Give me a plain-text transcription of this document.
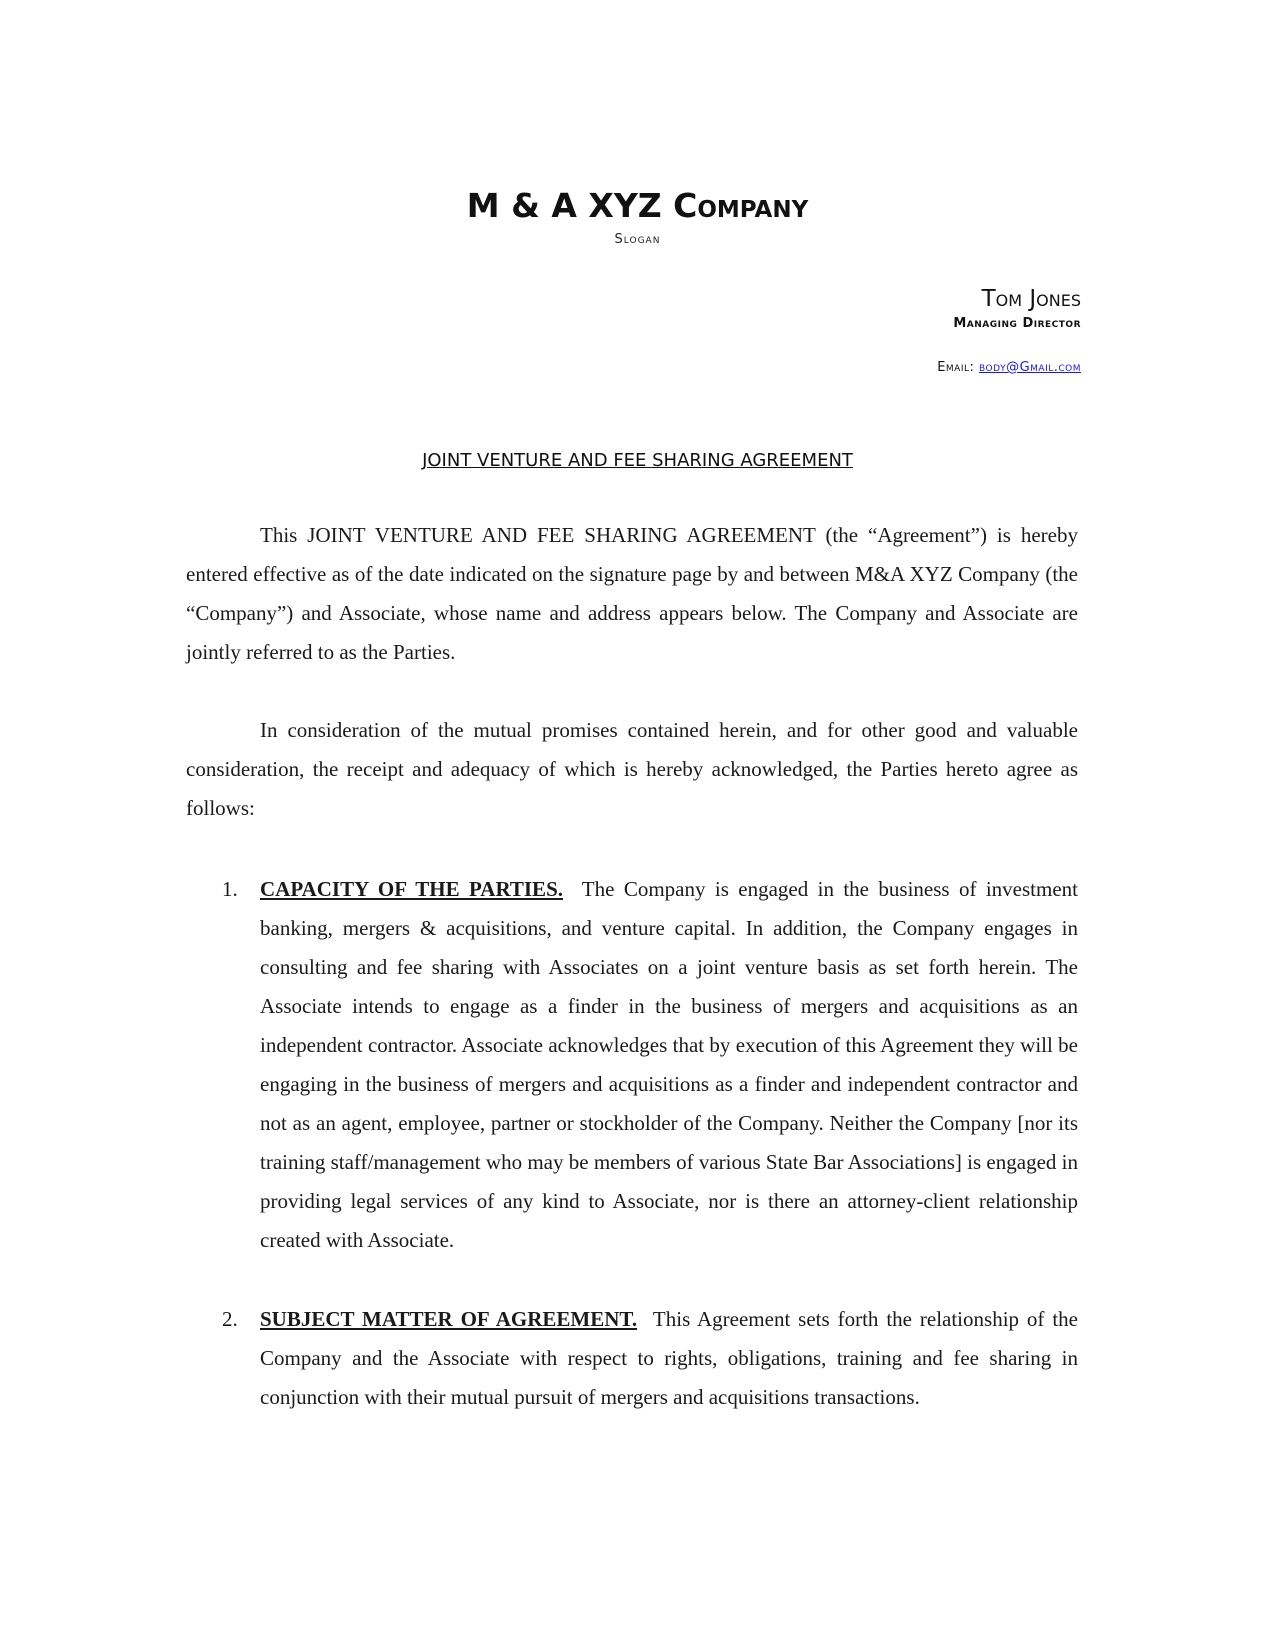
M & A XYZ Company
Slogan
Tom Jones
Managing Director
Email: body@Gmail.com
JOINT VENTURE AND FEE SHARING AGREEMENT
This JOINT VENTURE AND FEE SHARING AGREEMENT (the “Agreement”) is hereby entered effective as of the date indicated on the signature page by and between M&A XYZ Company (the “Company”) and Associate, whose name and address appears below. The Company and Associate are jointly referred to as the Parties.
In consideration of the mutual promises contained herein, and for other good and valuable consideration, the receipt and adequacy of which is hereby acknowledged, the Parties hereto agree as follows:
1.	CAPACITY OF THE PARTIES. The Company is engaged in the business of investment banking, mergers & acquisitions, and venture capital. In addition, the Company engages in consulting and fee sharing with Associates on a joint venture basis as set forth herein. The Associate intends to engage as a finder in the business of mergers and acquisitions as an independent contractor. Associate acknowledges that by execution of this Agreement they will be engaging in the business of mergers and acquisitions as a finder and independent contractor and not as an agent, employee, partner or stockholder of the Company. Neither the Company [nor its training staff/management who may be members of various State Bar Associations] is engaged in providing legal services of any kind to Associate, nor is there an attorney-client relationship created with Associate.
2.	SUBJECT MATTER OF AGREEMENT. This Agreement sets forth the relationship of the Company and the Associate with respect to rights, obligations, training and fee sharing in conjunction with their mutual pursuit of mergers and acquisitions transactions.
